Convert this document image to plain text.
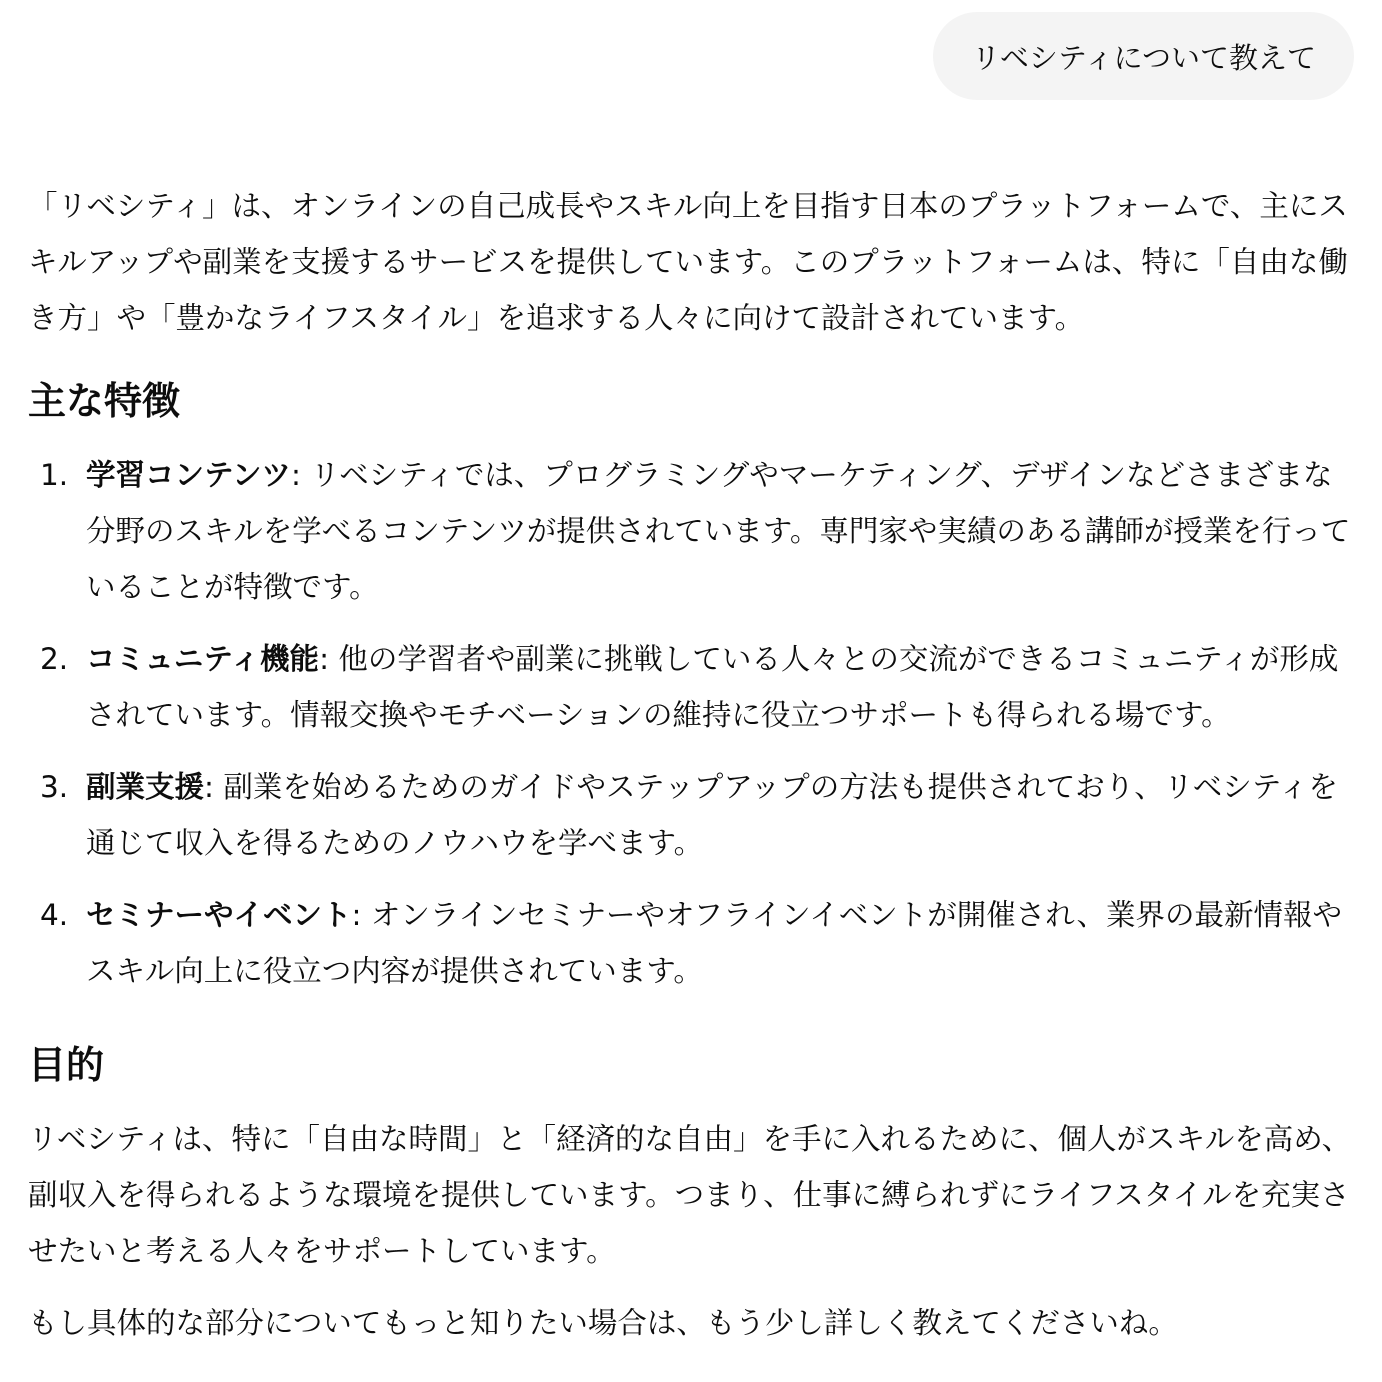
リベシティについて教えて

「リベシティ」は、オンラインの自己成長やスキル向上を目指す日本のプラットフォームで、主にスキルアップや副業を支援するサービスを提供しています。このプラットフォームは、特に「自由な働き方」や「豊かなライフスタイル」を追求する人々に向けて設計されています。

主な特徴
1. 学習コンテンツ: リベシティでは、プログラミングやマーケティング、デザインなどさまざまな分野のスキルを学べるコンテンツが提供されています。専門家や実績のある講師が授業を行っていることが特徴です。
2. コミュニティ機能: 他の学習者や副業に挑戦している人々との交流ができるコミュニティが形成されています。情報交換やモチベーションの維持に役立つサポートも得られる場です。
3. 副業支援: 副業を始めるためのガイドやステップアップの方法も提供されており、リベシティを通じて収入を得るためのノウハウを学べます。
4. セミナーやイベント: オンラインセミナーやオフラインイベントが開催され、業界の最新情報やスキル向上に役立つ内容が提供されています。
目的

リベシティは、特に「自由な時間」と「経済的な自由」を手に入れるために、個人がスキルを高め、副収入を得られるような環境を提供しています。つまり、仕事に縛られずにライフスタイルを充実させたいと考える人々をサポートしています。

もし具体的な部分についてもっと知りたい場合は、もう少し詳しく教えてくださいね。
